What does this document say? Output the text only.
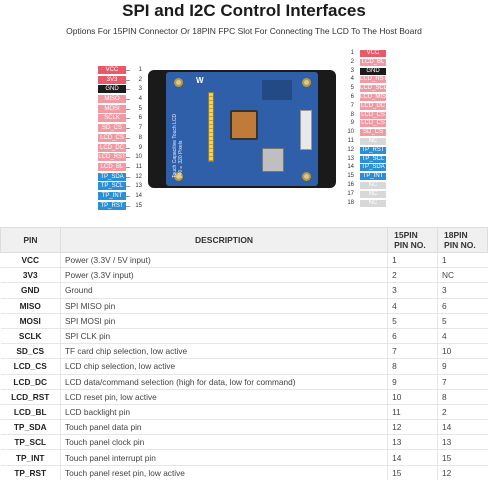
SPI and I2C Control Interfaces
Options For 15PIN Connector Or 18PIN FPC Slot For Connecting The LCD To The Host Board
VCC	1
3V3	2
GND	3
MISO	4
MOSI	5
SCLK	6
SD_CS	7
LCD_CS	8
LCD_DC	9
LCD_RST	10
LCD_BL	11
TP_SDA	12
TP_SCL	13
TP_INT	14
TP_RST	15
W
Touch Capacitive Touch LCD 240×320 Pixels
1	VCC
2 LCD_BL
3	GND
4 LCD_RST
5 LCD_SCLK
6 LCD_MISO
7 LCD_DC
8 LCD_CS
9 LCD_CS
10	SD_CS
11	NC
12 TP_RST
13 TP_SCL
14 TP_SDA
15	TP_INT
16	NC
17	NC
18	NC
PIN	DESCRIPTION	15PIN
PIN NO.	18PIN
PIN NO.
VCC	Power (3.3V / 5V input)	1	1
3V3	Power (3.3V input)	2	NC
GND	Ground	3	3
MISO	SPI MISO pin	4	6
MOSI	SPI MOSI pin	5	5
SCLK	SPI CLK pin	6	4
SD_CS	TF card chip selection, low active	7	10
LCD_CS	LCD chip selection, low active	8	9
LCD_DC	LCD data/command selection (high for data, low for command)	9	7
LCD_RST	LCD reset pin, low active	10	8
LCD_BL	LCD backlight pin	11	2
TP_SDA	Touch panel data pin	12	14
TP_SCL	Touch panel clock pin	13	13
TP_INT	Touch panel interrupt pin	14	15
TP_RST	Touch panel reset pin, low active	15	12
